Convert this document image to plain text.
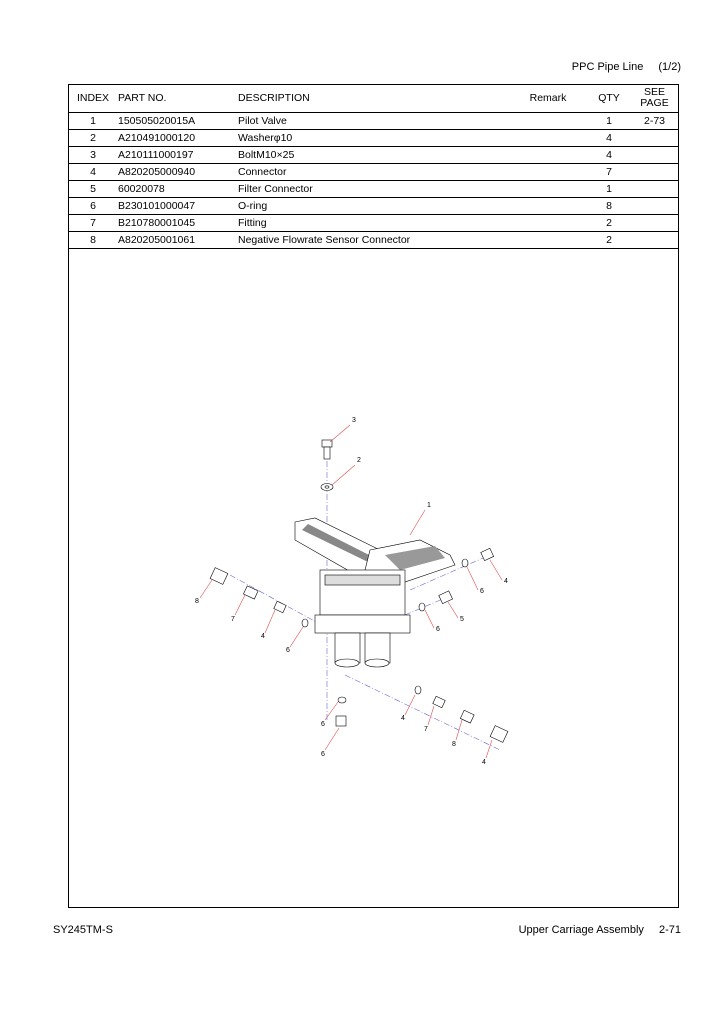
PPC Pipe Line (1/2)
INDEX	PART NO.	DESCRIPTION	Remark	QTY	SEE
PAGE
1	150505020015A	Pilot Valve		1	2-73
2	A210491000120	Washerφ10		4	
3	A210111000197	BoltM10×25		4	
4	A820205000940	Connector		7	
5	60020078	Filter Connector		1	
6	B230101000047	O-ring		8	
7	B210780001045	Fitting		2	
8	A820205001061	Negative Flowrate Sensor Connector		2	
3
2
1
4
6
5
6
8
7
4
6
6
6
4
7
8
4
SY245TM-S	Upper Carriage Assembly 2-71
